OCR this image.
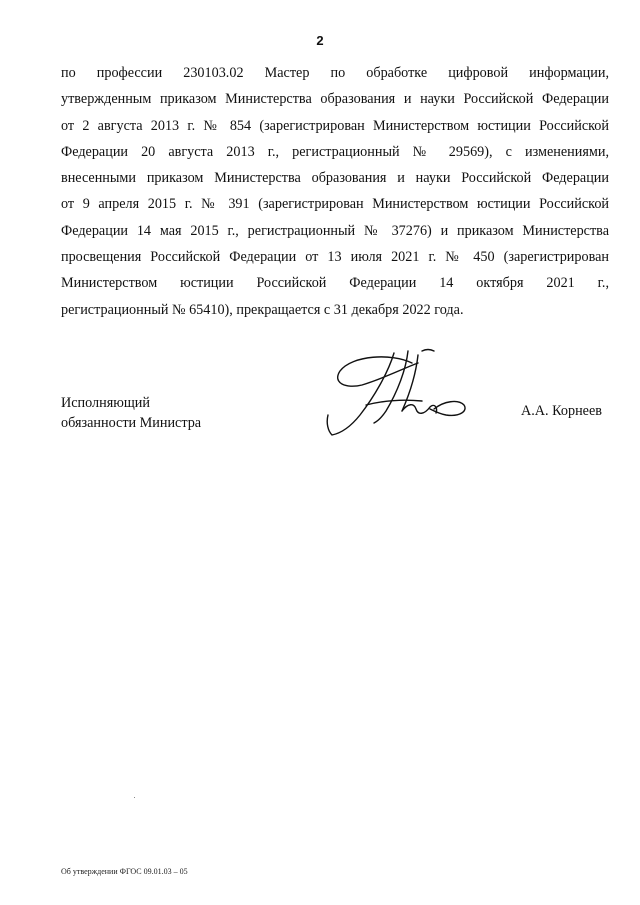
2
по профессии 230103.02 Мастер по обработке цифровой информации,
утвержденным приказом Министерства образования и науки Российской Федерации
от 2 августа 2013 г. № 854 (зарегистрирован Министерством юстиции Российской
Федерации 20 августа 2013 г., регистрационный № 29569), с изменениями,
внесенными приказом Министерства образования и науки Российской Федерации
от 9 апреля 2015 г. № 391 (зарегистрирован Министерством юстиции Российской
Федерации 14 мая 2015 г., регистрационный № 37276) и приказом Министерства
просвещения Российской Федерации от 13 июля 2021 г. № 450 (зарегистрирован
Министерством юстиции Российской Федерации 14 октября 2021 г.,
регистрационный № 65410), прекращается с 31 декабря 2022 года.
Исполняющий
обязанности Министра
А.А. Корнеев
Об утверждении ФГОС 09.01.03 – 05
